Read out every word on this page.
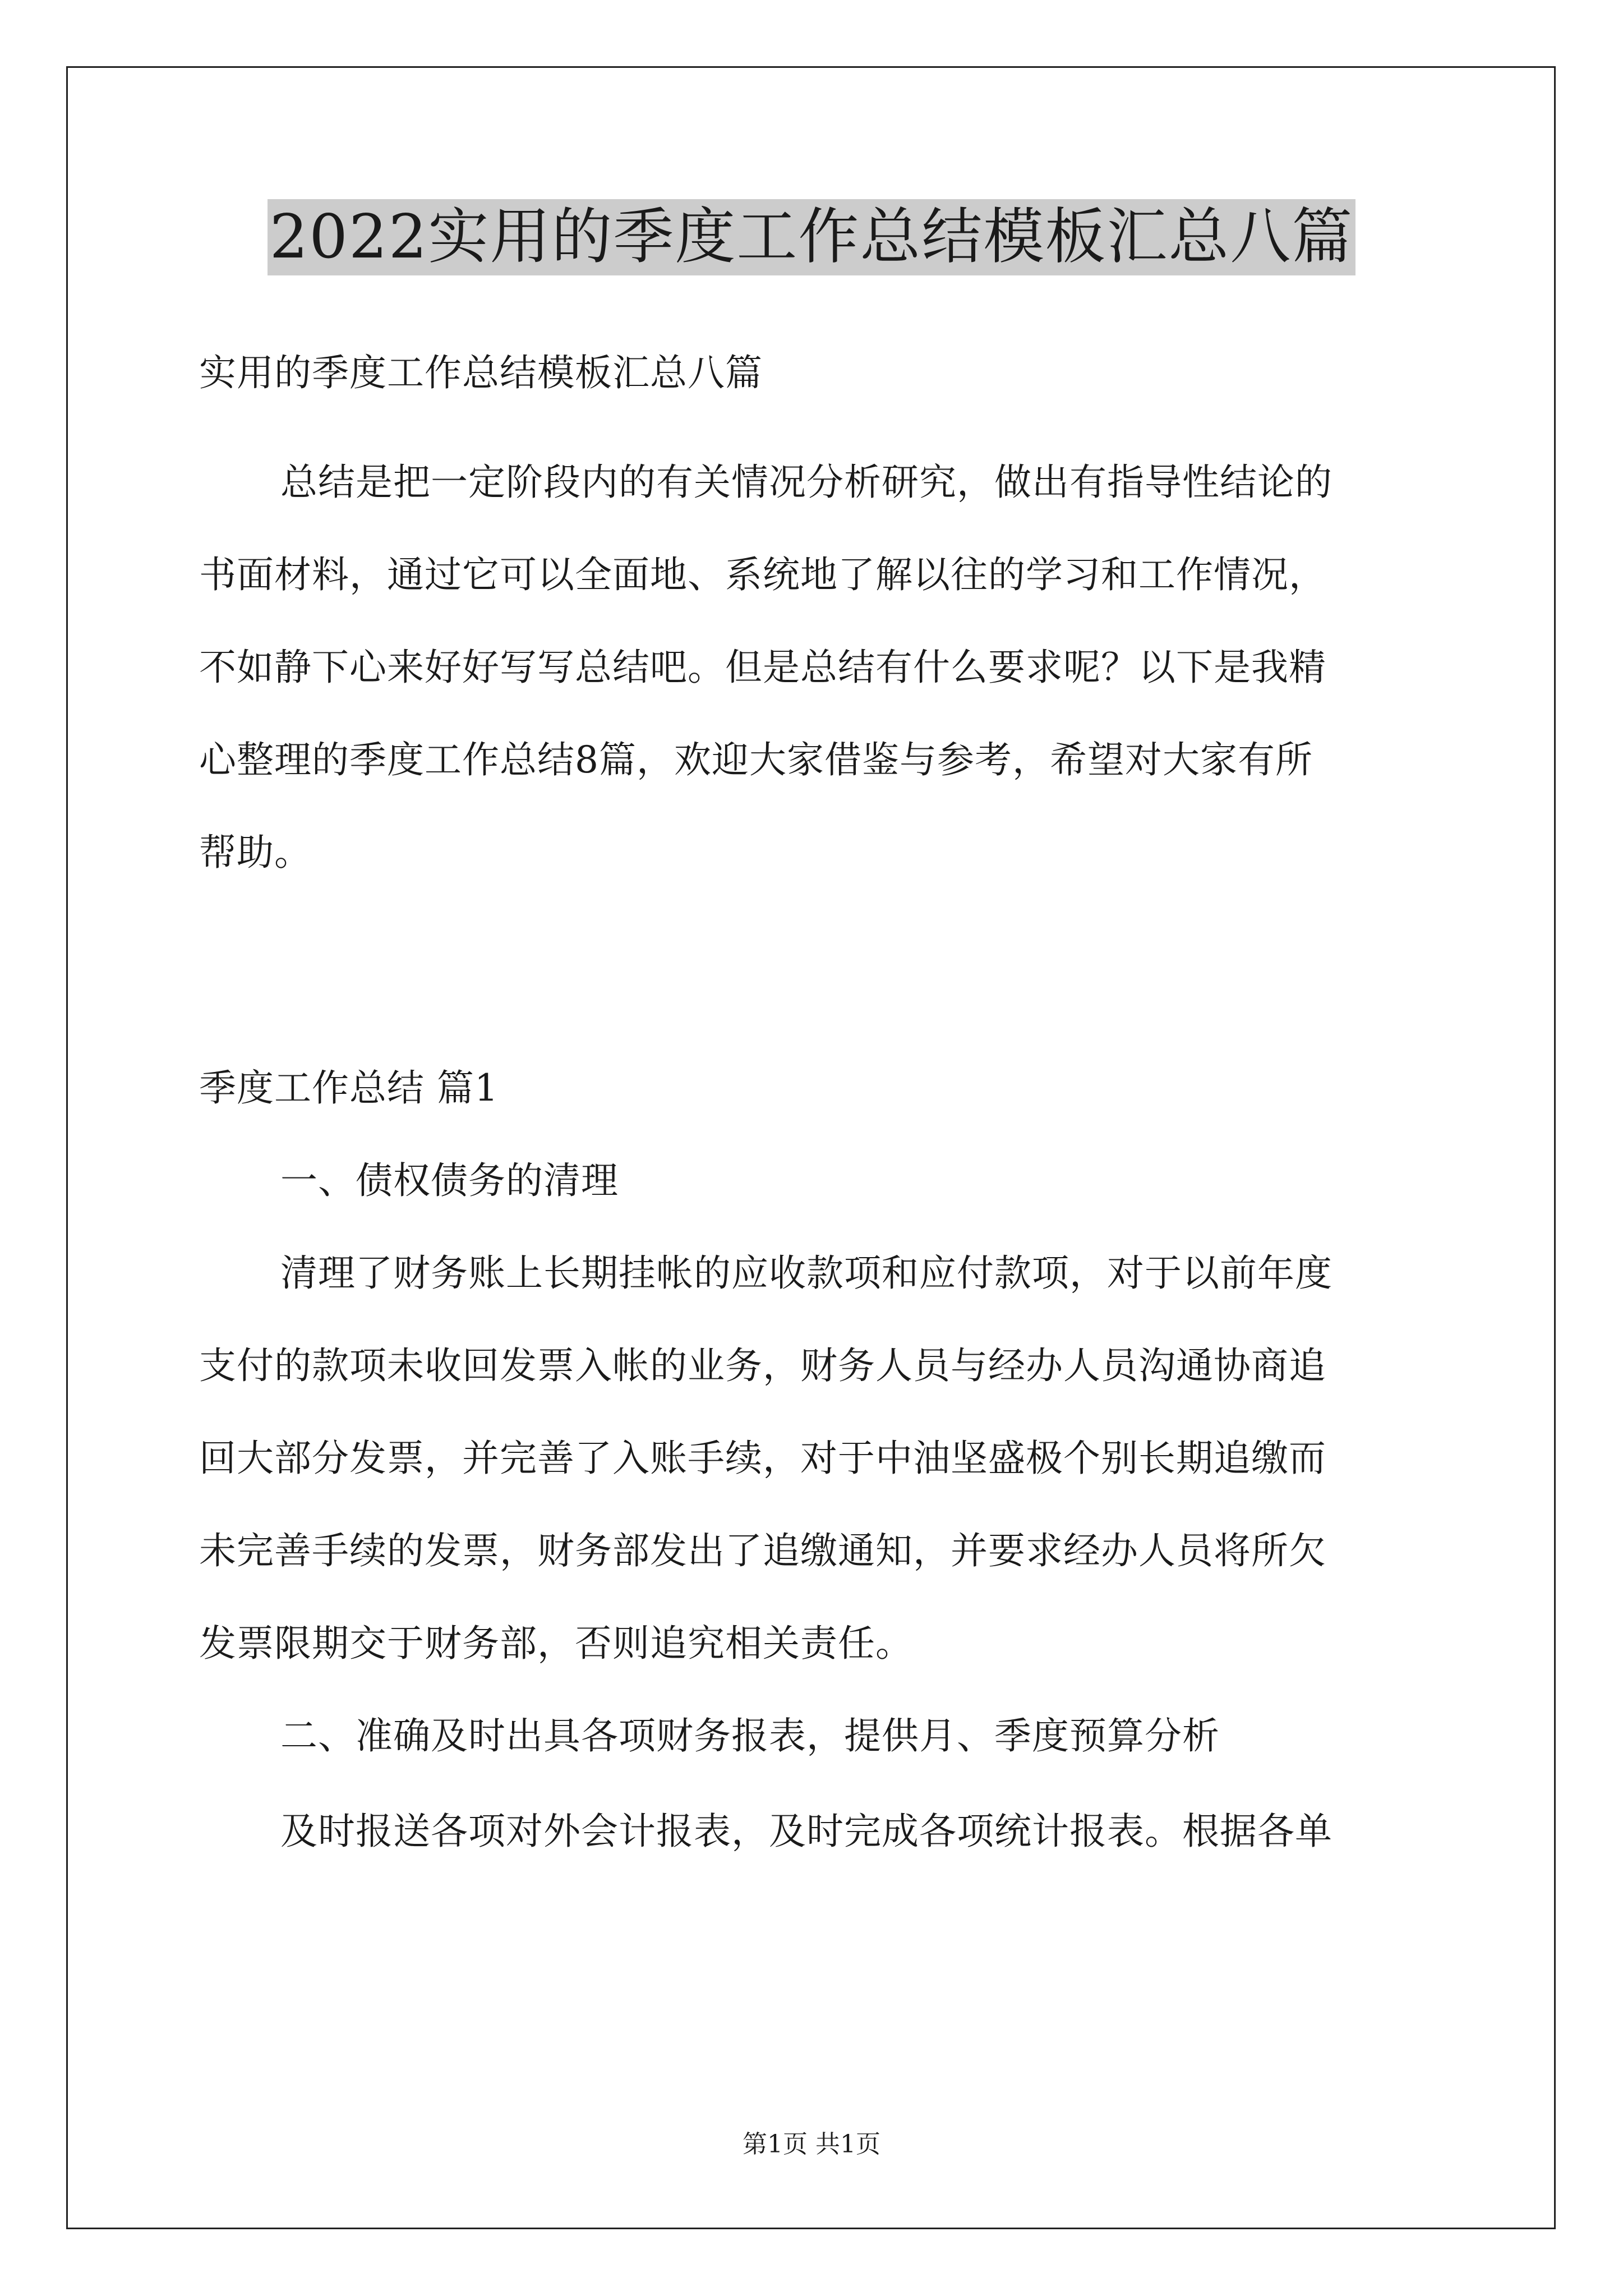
2022实用的季度工作总结模板汇总八篇

实用的季度工作总结模板汇总八篇

总结是把一定阶段内的有关情况分析研究，做出有指导性结论的

书面材料，通过它可以全面地、系统地了解以往的学习和工作情况，

不如静下心来好好写写总结吧。但是总结有什么要求呢？以下是我精

心整理的季度工作总结8篇，欢迎大家借鉴与参考，希望对大家有所

帮助。

季度工作总结 篇1

一、债权债务的清理

清理了财务账上长期挂帐的应收款项和应付款项，对于以前年度

支付的款项未收回发票入帐的业务，财务人员与经办人员沟通协商追

回大部分发票，并完善了入账手续，对于中油坚盛极个别长期追缴而

未完善手续的发票，财务部发出了追缴通知，并要求经办人员将所欠

发票限期交于财务部，否则追究相关责任。

二、准确及时出具各项财务报表，提供月、季度预算分析

及时报送各项对外会计报表，及时完成各项统计报表。根据各单

第1页 共1页
